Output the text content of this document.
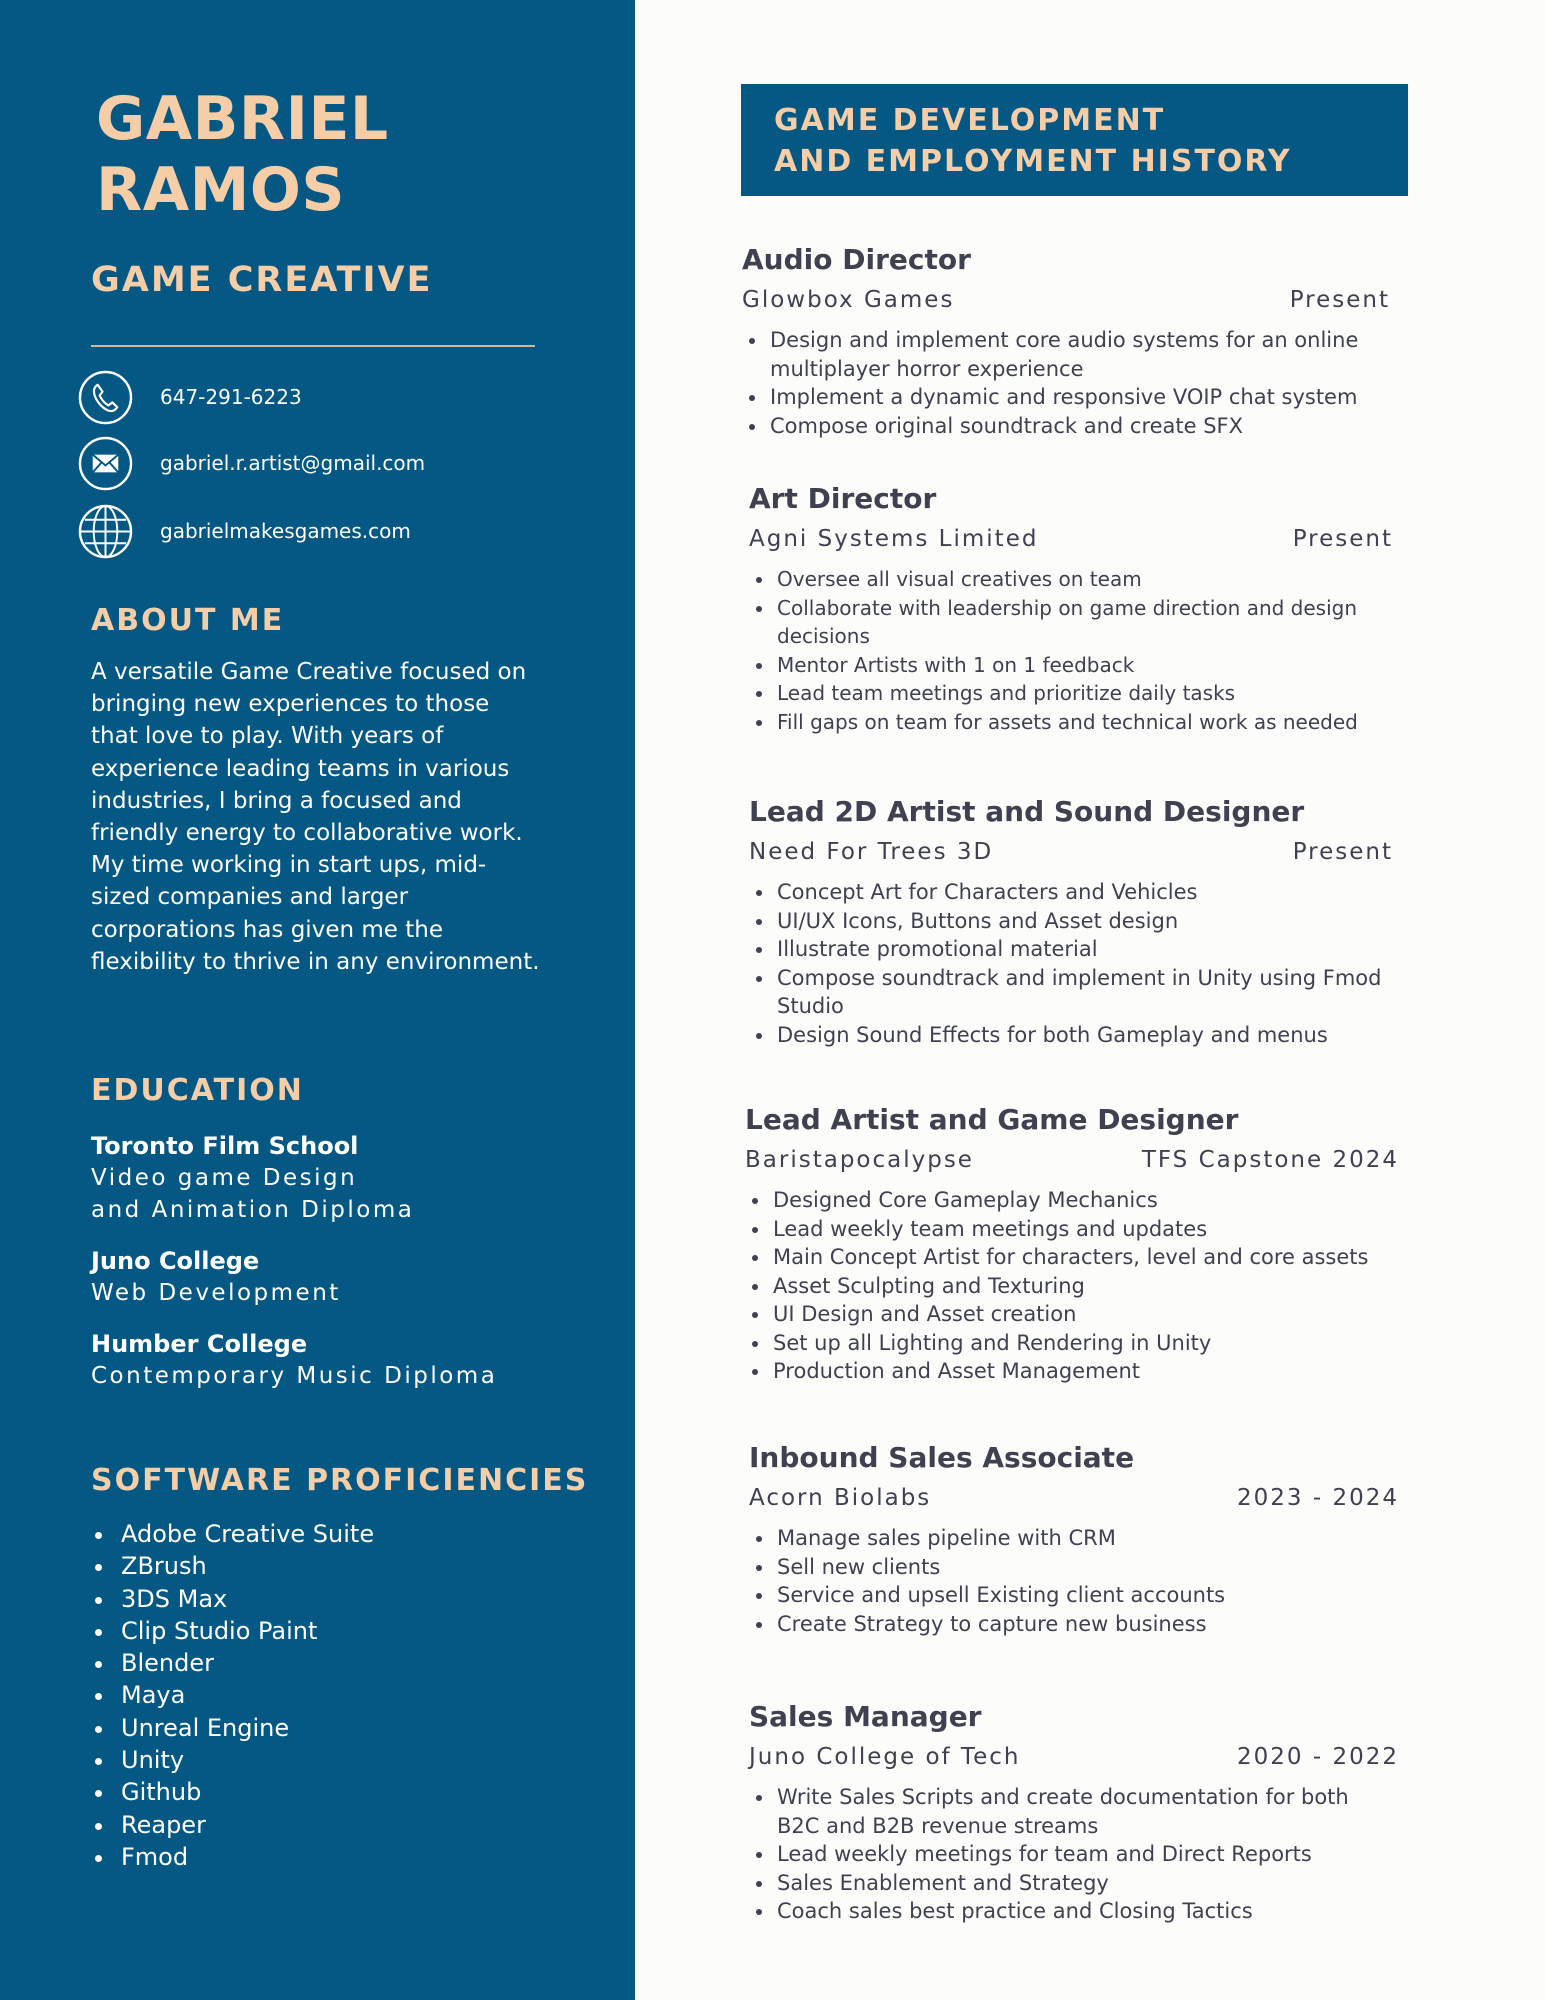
GABRIEL
RAMOS
GAME CREATIVE
647-291-6223
gabriel.r.artist@gmail.com
gabrielmakesgames.com
ABOUT ME
A versatile Game Creative focused on bringing new experiences to those that love to play. With years of experience leading teams in various industries, I bring a focused and friendly energy to collaborative work. My time working in start ups, mid-sized companies and larger corporations has given me the flexibility to thrive in any environment.
EDUCATION
Toronto Film School
Video game Design
and Animation Diploma
Juno College
Web Development
Humber College
Contemporary Music Diploma
SOFTWARE PROFICIENCIES
Adobe Creative Suite
ZBrush
3DS Max
Clip Studio Paint
Blender
Maya
Unreal Engine
Unity
Github
Reaper
Fmod
GAME DEVELOPMENT
AND EMPLOYMENT HISTORY
Audio Director
Glowbox Games	Present
Design and implement core audio systems for an online multiplayer horror experience
Implement a dynamic and responsive VOIP chat system
Compose original soundtrack and create SFX
Art Director
Agni Systems Limited	Present
Oversee all visual creatives on team
Collaborate with leadership on game direction and design decisions
Mentor Artists with 1 on 1 feedback
Lead team meetings and prioritize daily tasks
Fill gaps on team for assets and technical work as needed
Lead 2D Artist and Sound Designer
Need For Trees 3D	Present
Concept Art for Characters and Vehicles
UI/UX Icons, Buttons and Asset design
Illustrate promotional material
Compose soundtrack and implement in Unity using Fmod Studio
Design Sound Effects for both Gameplay and menus
Lead Artist and Game Designer
Baristapocalypse	TFS Capstone 2024
Designed Core Gameplay Mechanics
Lead weekly team meetings and updates
Main Concept Artist for characters, level and core assets
Asset Sculpting and Texturing
UI Design and Asset creation
Set up all Lighting and Rendering in Unity
Production and Asset Management
Inbound Sales Associate
Acorn Biolabs	2023 - 2024
Manage sales pipeline with CRM
Sell new clients
Service and upsell Existing client accounts
Create Strategy to capture new business
Sales Manager
Juno College of Tech	2020 - 2022
Write Sales Scripts and create documentation for both B2C and B2B revenue streams
Lead weekly meetings for team and Direct Reports
Sales Enablement and Strategy
Coach sales best practice and Closing Tactics
